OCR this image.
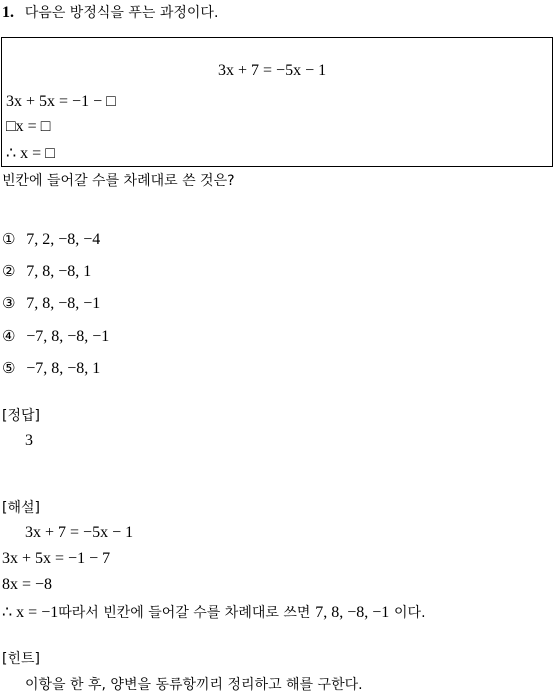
1. 다음은 방정식을 푸는 과정이다.
3x + 7 = −5x − 1
3x + 5x = −1 − □
□x = □
∴ x = □
빈칸에 들어갈 수를 차례대로 쓴 것은?
① 7, 2, −8, −4
② 7, 8, −8, 1
③ 7, 8, −8, −1
④ −7, 8, −8, −1
⑤ −7, 8, −8, 1
[정답]
3
[해설]
3x + 7 = −5x − 1
3x + 5x = −1 − 7
8x = −8
∴ x = −1따라서 빈칸에 들어갈 수를 차례대로 쓰면 7, 8, −8, −1 이다.
[힌트]
이항을 한 후, 양변을 동류항끼리 정리하고 해를 구한다.
